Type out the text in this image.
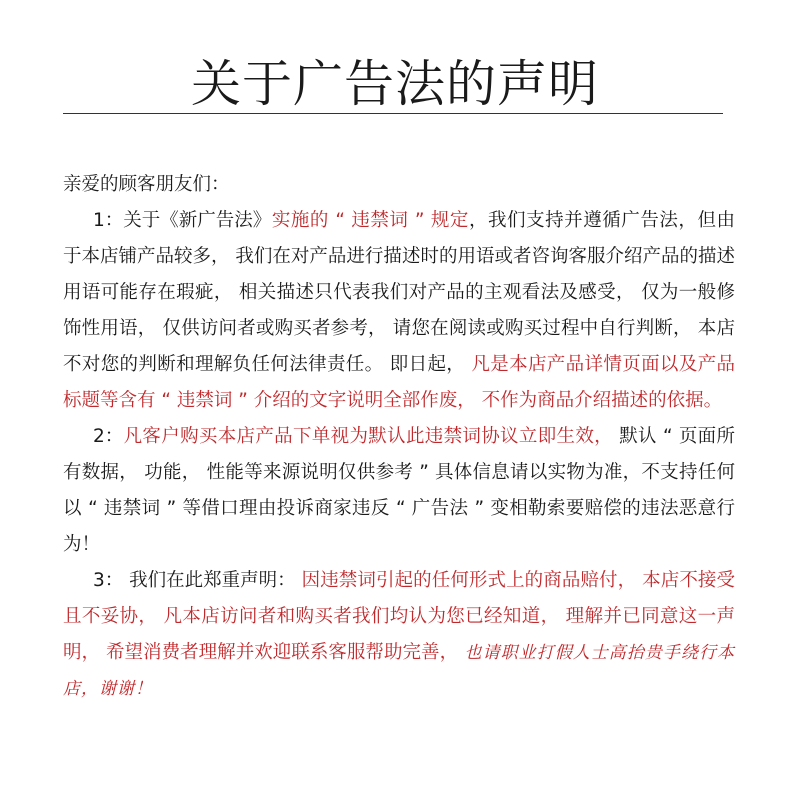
关于广告法的声明

亲爱的顾客朋友们：

1：关于《新广告法》实施的 “ 违禁词 ” 规定，我们支持并遵循广告法，但由于本店铺产品较多， 我们在对产品进行描述时的用语或者咨询客服介绍产品的描述用语可能存在瑕疵， 相关描述只代表我们对产品的主观看法及感受， 仅为一般修饰性用语， 仅供访问者或购买者参考， 请您在阅读或购买过程中自行判断， 本店不对您的判断和理解负任何法律责任。 即日起， 凡是本店产品详情页面以及产品标题等含有 “ 违禁词 ” 介绍的文字说明全部作废， 不作为商品介绍描述的依据。

2：凡客户购买本店产品下单视为默认此违禁词协议立即生效， 默认 “ 页面所有数据， 功能， 性能等来源说明仅供参考 ” 具体信息请以实物为准，不支持任何以 “ 违禁词 ” 等借口理由投诉商家违反 “ 广告法 ” 变相勒索要赔偿的违法恶意行为！

3： 我们在此郑重声明： 因违禁词引起的任何形式上的商品赔付， 本店不接受且不妥协， 凡本店访问者和购买者我们均认为您已经知道， 理解并已同意这一声明， 希望消费者理解并欢迎联系客服帮助完善， 也请职业打假人士高抬贵手绕行本店，谢谢！
